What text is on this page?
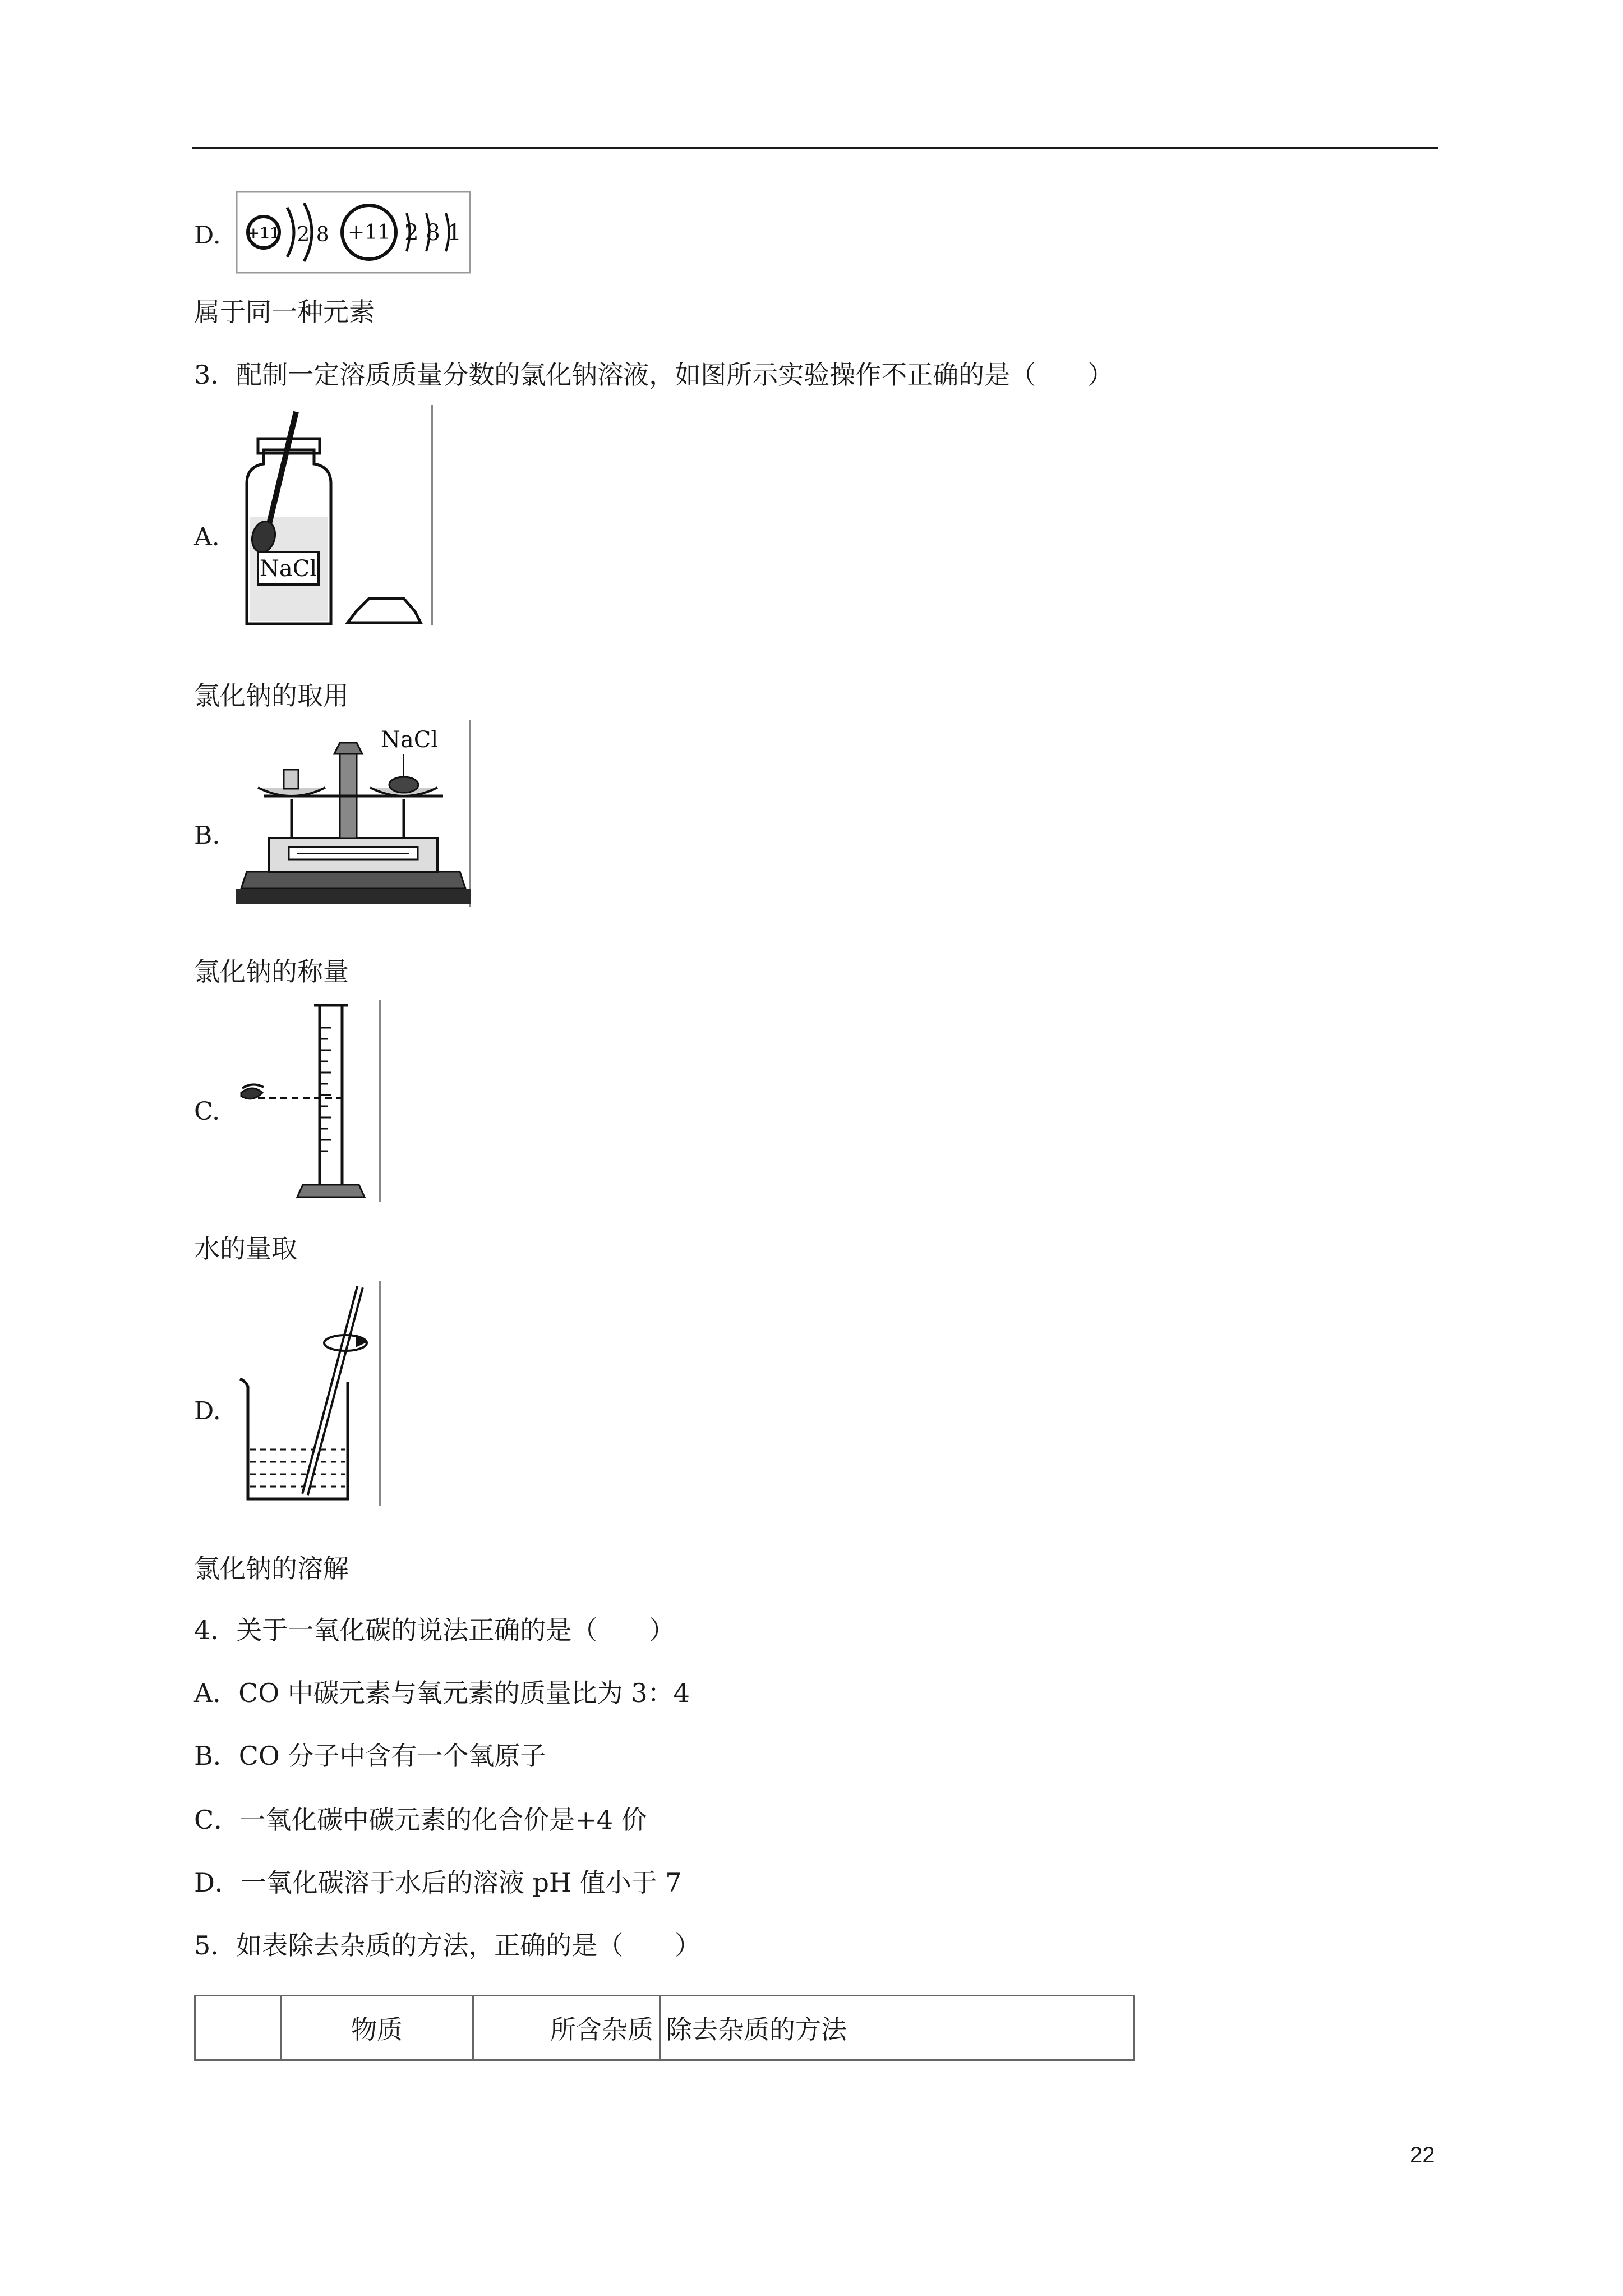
D. +11 2 8 +11 2 8 1
属于同一种元素
3．配制一定溶质质量分数的氯化钠溶液，如图所示实验操作不正确的是（　　）
A.
NaCl
氯化钠的取用
B.
NaCl
氯化钠的称量
C.
水的量取
D.
氯化钠的溶解
4．关于一氧化碳的说法正确的是（　　）
A．CO 中碳元素与氧元素的质量比为 3：4
B．CO 分子中含有一个氧原子
C．一氧化碳中碳元素的化合价是+4 价
D．一氧化碳溶于水后的溶液 pH 值小于 7
5．如表除去杂质的方法，正确的是（　　）
	物质	所含杂质	除去杂质的方法
22
